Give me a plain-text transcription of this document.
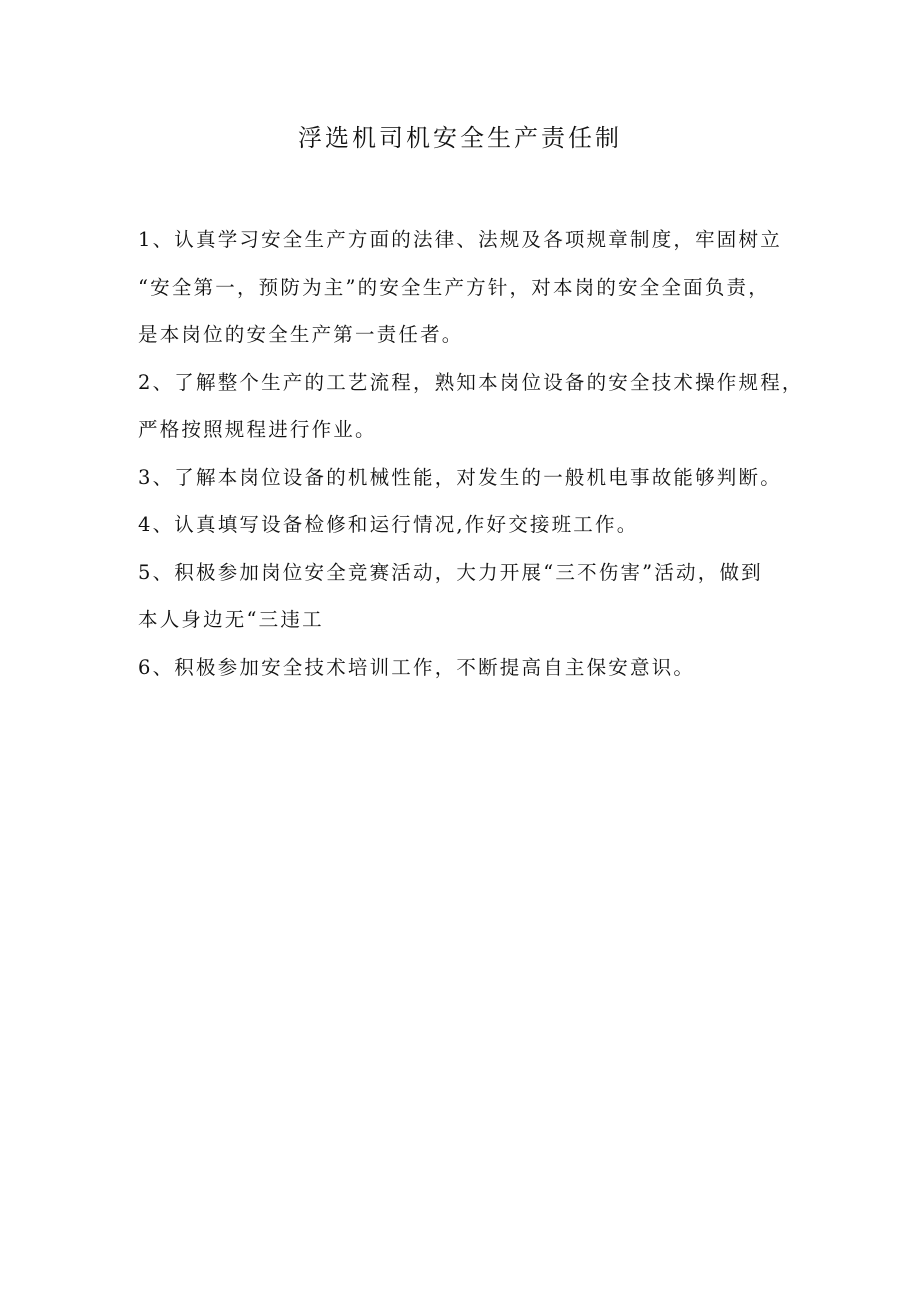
浮选机司机安全生产责任制
1、认真学习安全生产方面的法律、法规及各项规章制度，牢固树立
“安全第一，预防为主”的安全生产方针，对本岗的安全全面负责，
是本岗位的安全生产第一责任者。
2、了解整个生产的工艺流程，熟知本岗位设备的安全技术操作规程，
严格按照规程进行作业。
3、了解本岗位设备的机械性能，对发生的一般机电事故能够判断。
4、认真填写设备检修和运行情况,作好交接班工作。
5、积极参加岗位安全竞赛活动，大力开展“三不伤害”活动，做到
本人身边无“三违工
6、积极参加安全技术培训工作，不断提高自主保安意识。
